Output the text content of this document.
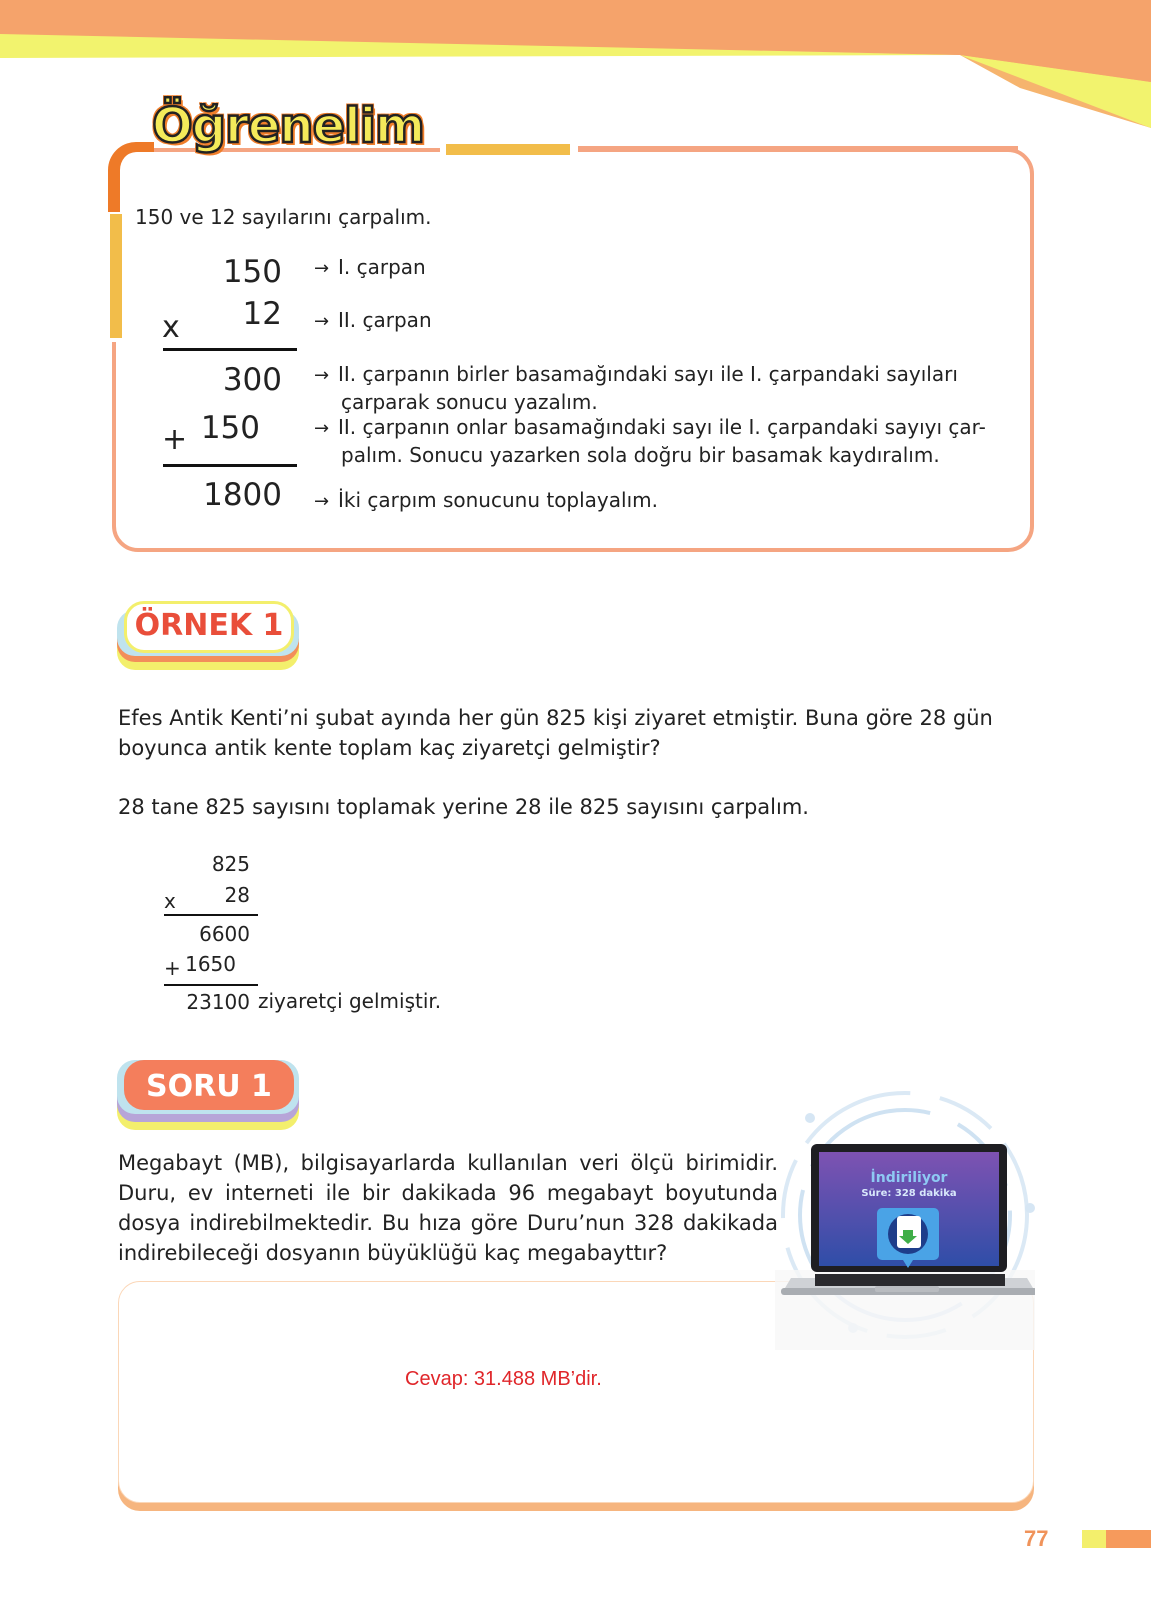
Öğrenelim
150 ve 12 sayılarını çarpalım.
150
x	12
300
+ 150
1800
→ I. çarpan
→ II. çarpan
→ II. çarpanın birler basamağındaki sayı ile I. çarpandaki sayıları
çarparak sonucu yazalım.
→ II. çarpanın onlar basamağındaki sayı ile I. çarpandaki sayıyı çar-
palım. Sonucu yazarken sola doğru bir basamak kaydıralım.
→ İki çarpım sonucunu toplayalım.
ÖRNEK 1
Efes Antik Kenti’ni şubat ayında her gün 825 kişi ziyaret etmiştir. Buna göre 28 gün
boyunca antik kente toplam kaç ziyaretçi gelmiştir?
28 tane 825 sayısını toplamak yerine 28 ile 825 sayısını çarpalım.
825
x	28
6600
+ 1650
23100 ziyaretçi gelmiştir.
SORU 1
Megabayt (MB), bilgisayarlarda kullanılan veri ölçü birimidir. Duru, ev interneti ile bir dakikada 96 megabayt boyutunda dosya indirebilmektedir. Bu hıza göre Duru’nun 328 dakikada indirebileceği dosyanın büyüklüğü kaç megabayttır?
Cevap: 31.488 MB’dir.
İndiriliyor
Süre: 328 dakika
77
